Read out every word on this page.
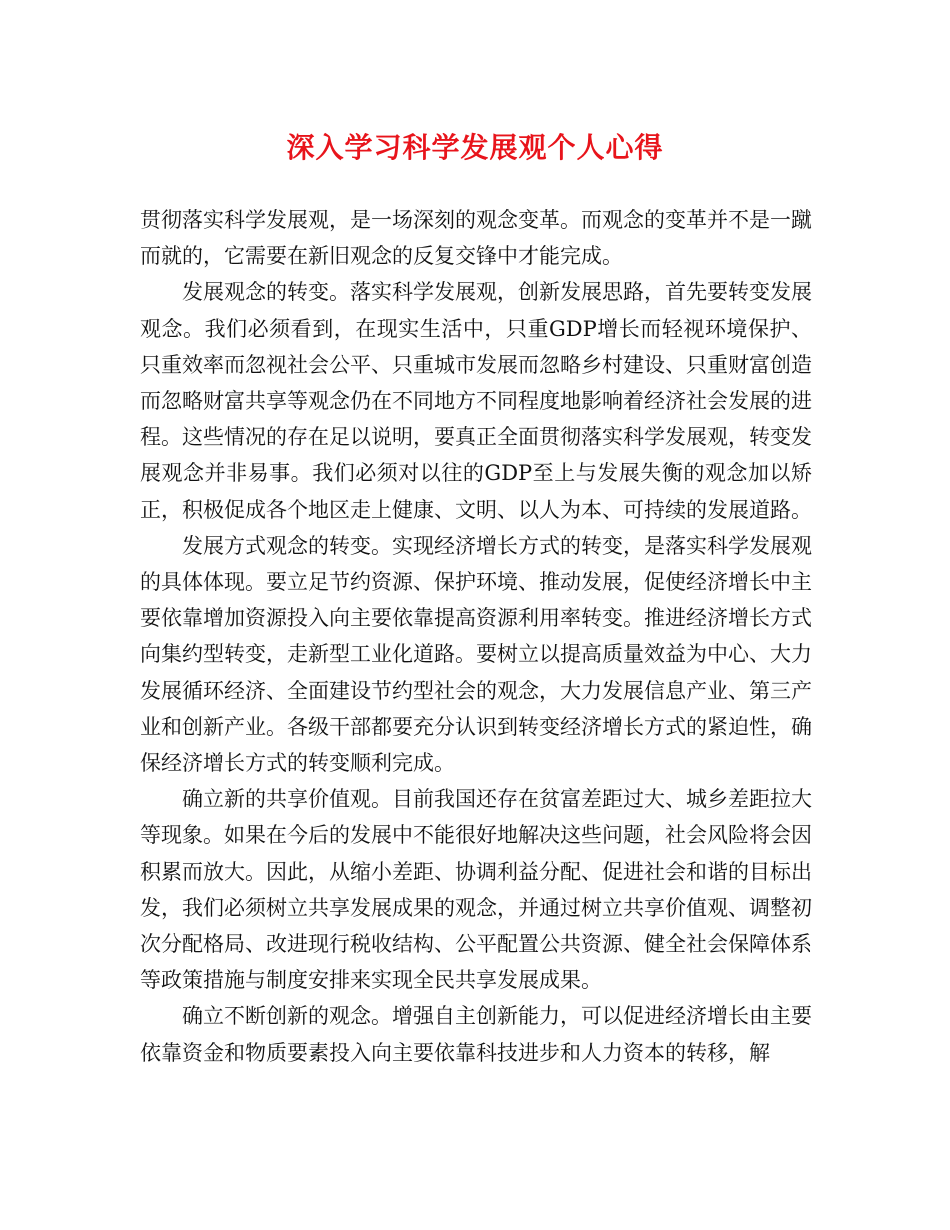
深入学习科学发展观个人心得

贯彻落实科学发展观，是一场深刻的观念变革。而观念的变革并不是一蹴而就的，它需要在新旧观念的反复交锋中才能完成。

发展观念的转变。落实科学发展观，创新发展思路，首先要转变发展观念。我们必须看到，在现实生活中，只重GDP增长而轻视环境保护、只重效率而忽视社会公平、只重城市发展而忽略乡村建设、只重财富创造而忽略财富共享等观念仍在不同地方不同程度地影响着经济社会发展的进程。这些情况的存在足以说明，要真正全面贯彻落实科学发展观，转变发展观念并非易事。我们必须对以往的GDP至上与发展失衡的观念加以矫正，积极促成各个地区走上健康、文明、以人为本、可持续的发展道路。

发展方式观念的转变。实现经济增长方式的转变，是落实科学发展观的具体体现。要立足节约资源、保护环境、推动发展，促使经济增长中主要依靠增加资源投入向主要依靠提高资源利用率转变。推进经济增长方式向集约型转变，走新型工业化道路。要树立以提高质量效益为中心、大力发展循环经济、全面建设节约型社会的观念，大力发展信息产业、第三产业和创新产业。各级干部都要充分认识到转变经济增长方式的紧迫性，确保经济增长方式的转变顺利完成。

确立新的共享价值观。目前我国还存在贫富差距过大、城乡差距拉大等现象。如果在今后的发展中不能很好地解决这些问题，社会风险将会因积累而放大。因此，从缩小差距、协调利益分配、促进社会和谐的目标出发，我们必须树立共享发展成果的观念，并通过树立共享价值观、调整初次分配格局、改进现行税收结构、公平配置公共资源、健全社会保障体系等政策措施与制度安排来实现全民共享发展成果。

确立不断创新的观念。增强自主创新能力，可以促进经济增长由主要依靠资金和物质要素投入向主要依靠科技进步和人力资本的转移，解
